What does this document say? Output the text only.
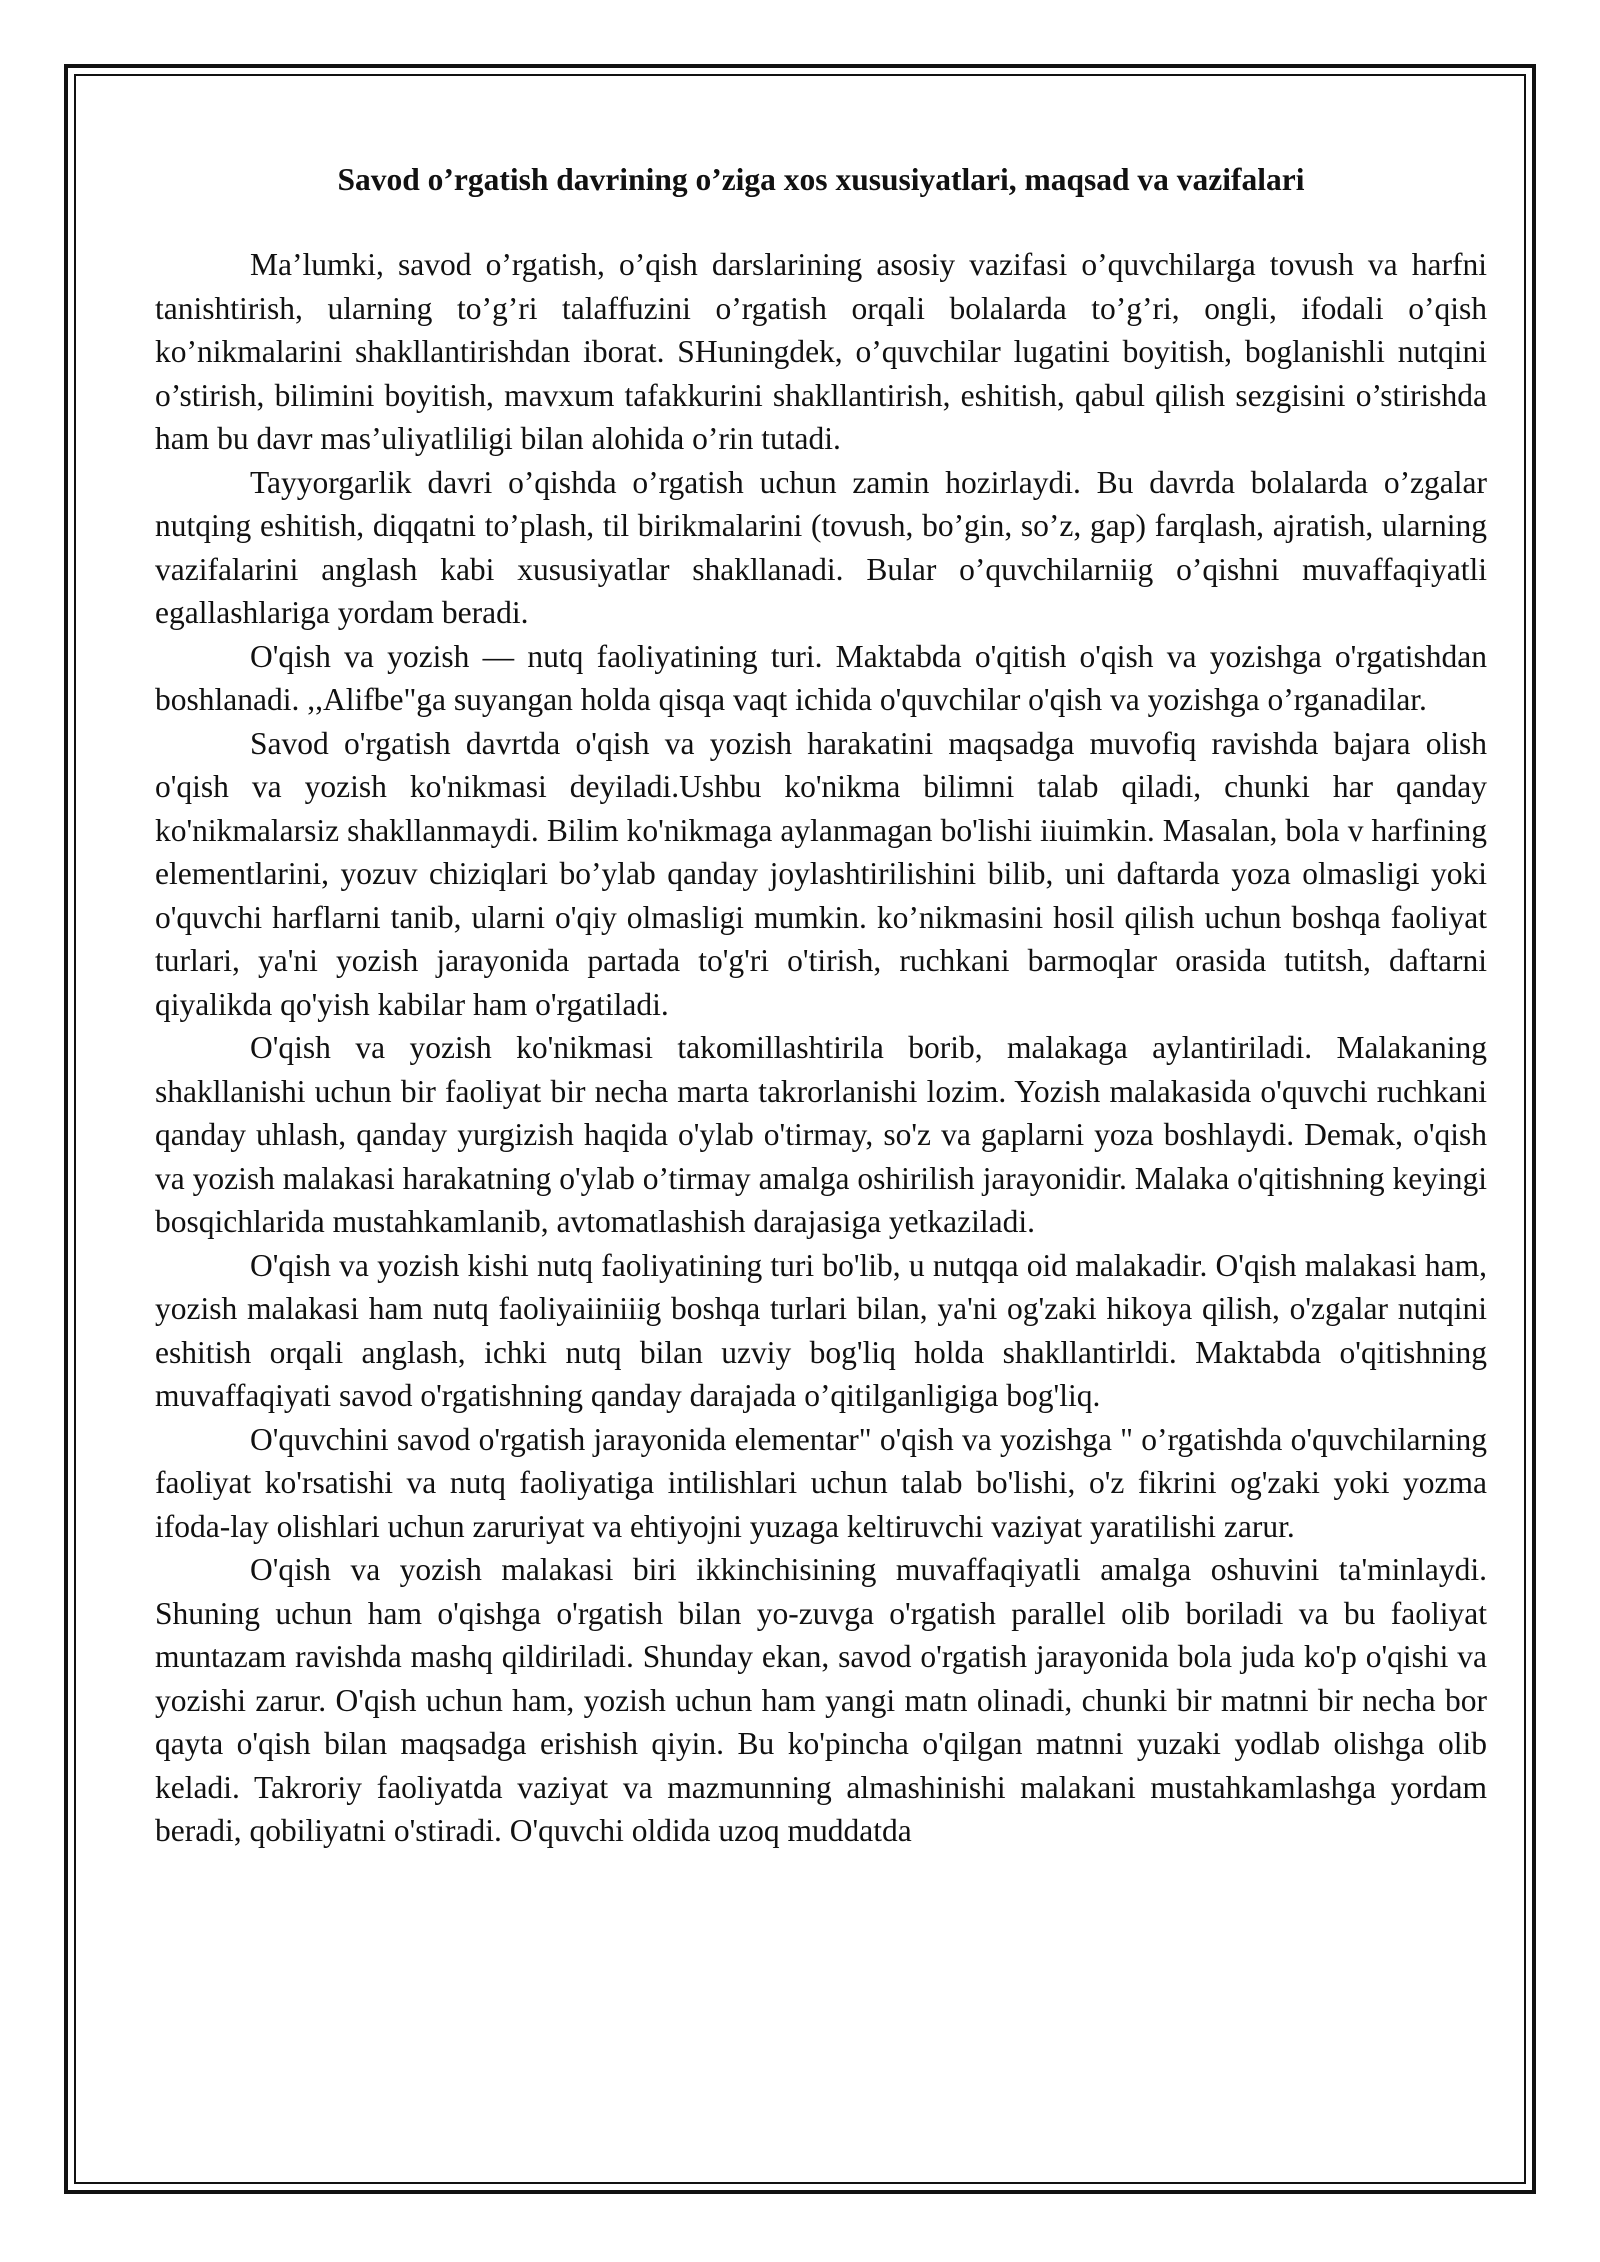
Savod o’rgatish davrining o’ziga xos xususiyatlari, maqsad va vazifalari

Ma’lumki, savod o’rgatish, o’qish darslarining asosiy vazifasi o’quvchilarga tovush va harfni tanishtirish, ularning to’g’ri talaffuzini o’rgatish orqali bolalarda to’g’ri, ongli, ifodali o’qish ko’nikmalarini shakllantirishdan iborat. SHuningdek, o’quvchilar lugatini boyitish, boglanishli nutqini o’stirish, bilimini boyitish, mavxum tafakkurini shakllantirish, eshitish, qabul qilish sezgisini o’stirishda ham bu davr mas’uliyatliligi bilan alohida o’rin tutadi.

Tayyorgarlik davri o’qishda o’rgatish uchun zamin hozirlaydi. Bu davrda bolalarda o’zgalar nutqing eshitish, diqqatni to’plash, til birikmalarini (tovush, bo’gin, so’z, gap) farqlash, ajratish, ularning vazifalarini anglash kabi xususiyatlar shakllanadi. Bular o’quvchilarniig o’qishni muvaffaqiyatli egallashlariga yordam beradi.

O'qish va yozish — nutq faoliyatining turi. Maktabda o'qitish o'qish va yozishga o'rgatishdan boshlanadi. ,,Alifbe"ga suyangan holda qisqa vaqt ichida o'quvchilar o'qish va yozishga o’rganadilar.

Savod o'rgatish davrtda o'qish va yozish harakatini maqsadga muvofiq ravishda bajara olish o'qish va yozish ko'nikmasi deyiladi.Ushbu ko'nikma bilimni talab qiladi, chunki har qanday ko'nikmalarsiz shakllanmaydi. Bilim ko'nikmaga aylanmagan bo'lishi iiuimkin. Masalan, bola v harfining elementlarini, yozuv chiziqlari bo’ylab qanday joylashtirilishini bilib, uni daftarda yoza olmasligi yoki o'quvchi harflarni tanib, ularni o'qiy olmasligi mumkin. ko’nikmasini hosil qilish uchun boshqa faoliyat turlari, ya'ni yozish jarayonida partada to'g'ri o'tirish, ruchkani barmoqlar orasida tutitsh, daftarni qiyalikda qo'yish kabilar ham o'rgatiladi.

O'qish va yozish ko'nikmasi takomillashtirila borib, malakaga aylantiriladi. Malakaning shakllanishi uchun bir faoliyat bir necha marta takrorlanishi lozim. Yozish malakasida o'quvchi ruchkani qanday uhlash, qanday yurgizish haqida o'ylab o'tirmay, so'z va gaplarni yoza boshlaydi. Demak, o'qish va yozish malakasi harakatning o'ylab o’tirmay amalga oshirilish jarayonidir. Malaka o'qitishning keyingi bosqichlarida mustahkamlanib, avtomatlashish darajasiga yetkaziladi.

O'qish va yozish kishi nutq faoliyatining turi bo'lib, u nutqqa oid malakadir. O'qish malakasi ham, yozish malakasi ham nutq faoliyaiiniiig boshqa turlari bilan, ya'ni og'zaki hikoya qilish, o'zgalar nutqini eshitish orqali anglash, ichki nutq bilan uzviy bog'liq holda shakllantirldi. Maktabda o'qitishning muvaffaqiyati savod o'rgatishning qanday darajada o’qitilganligiga bog'liq.

O'quvchini savod o'rgatish jarayonida elementar" o'qish va yozishga " o’rgatishda o'quvchilarning faoliyat ko'rsatishi va nutq faoliyatiga intilishlari uchun talab bo'lishi, o'z fikrini og'zaki yoki yozma ifoda-lay olishlari uchun zaruriyat va ehtiyojni yuzaga keltiruvchi vaziyat yaratilishi zarur.

O'qish va yozish malakasi biri ikkinchisining muvaffaqiyatli amalga oshuvini ta'minlaydi. Shuning uchun ham o'qishga o'rgatish bilan yo-zuvga o'rgatish parallel olib boriladi va bu faoliyat muntazam ravishda mashq qildiriladi. Shunday ekan, savod o'rgatish jarayonida bola juda ko'p o'qishi va yozishi zarur. O'qish uchun ham, yozish uchun ham yangi matn olinadi, chunki bir matnni bir necha bor qayta o'qish bilan maqsadga erishish qiyin. Bu ko'pincha o'qilgan matnni yuzaki yodlab olishga olib keladi. Takroriy faoliyatda vaziyat va mazmunning almashinishi malakani mustahkamlashga yordam beradi, qobiliyatni o'stiradi. O'quvchi oldida uzoq muddatda
